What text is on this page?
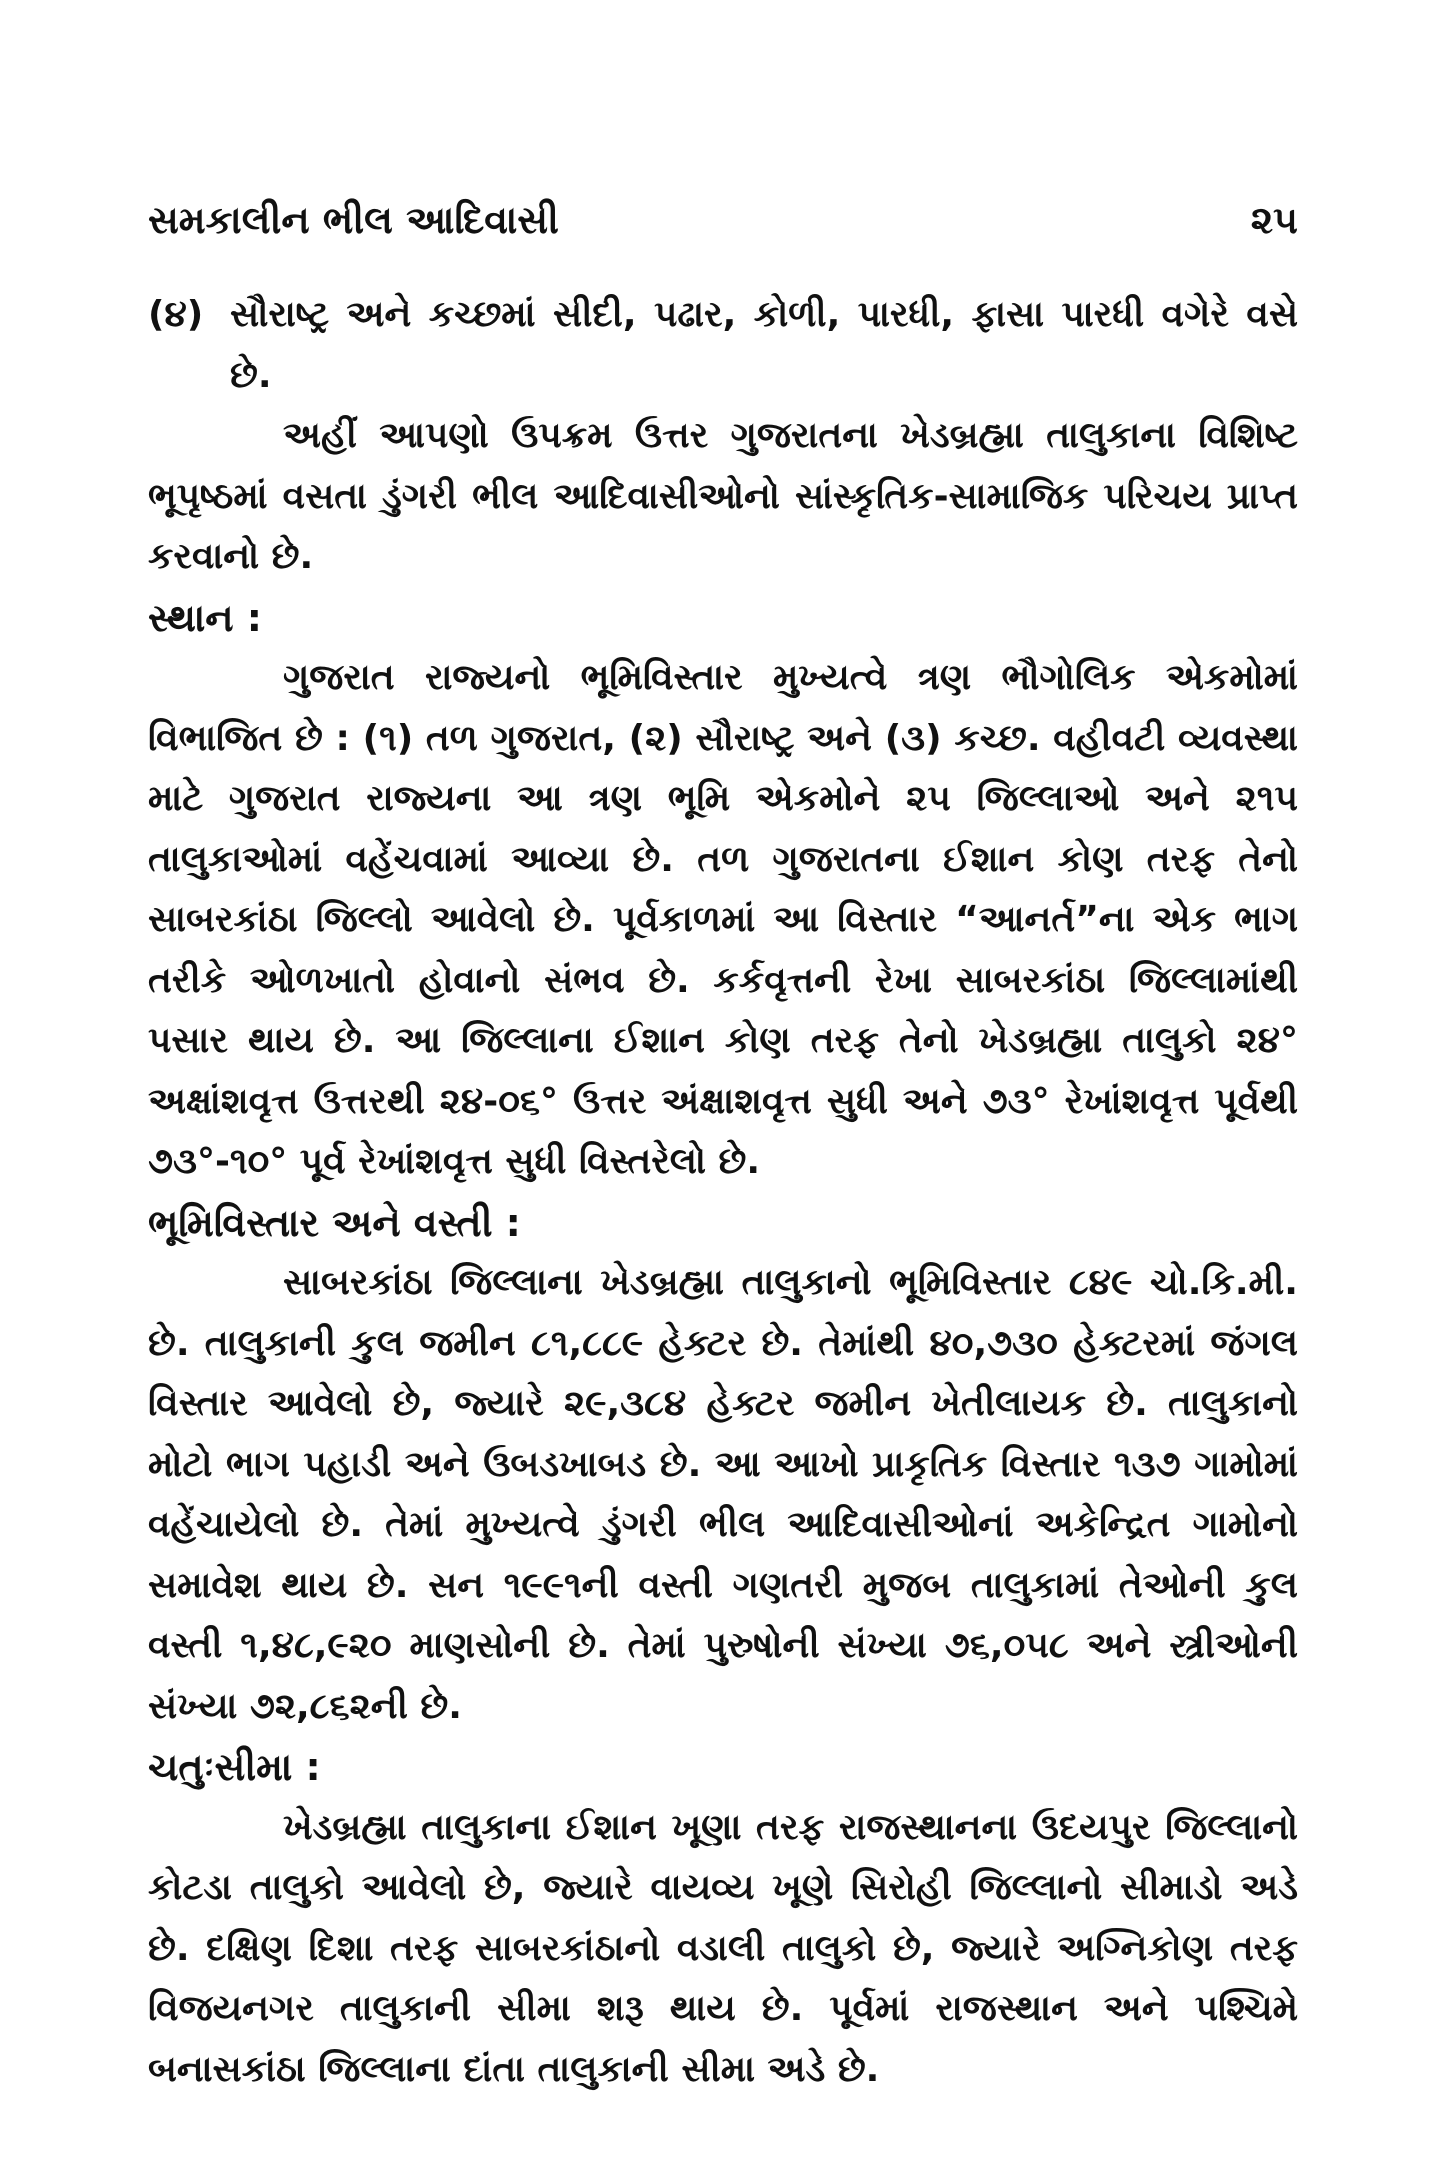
સમકાલીન ભીલ આદિવાસી	૨૫
(૪) સૌરાષ્ટ્ર અને કચ્છમાં સીદી, પઢાર, કોળી, પારધી, ફાસા પારધી વગેરે વસે છે.

અહીં આપણો ઉપક્રમ ઉત્તર ગુજરાતના ખેડબ્રહ્મા તાલુકાના વિશિષ્ટ ભૂપૃષ્ઠમાં વસતા ડુંગરી ભીલ આદિવાસીઓનો સાંસ્કૃતિક-સામાજિક પરિચય પ્રાપ્ત કરવાનો છે.

સ્થાન :

ગુજરાત રાજ્યનો ભૂમિવિસ્તાર મુખ્યત્વે ત્રણ ભૌગોલિક એકમોમાં વિભાજિત છે : (૧) તળ ગુજરાત, (૨) સૌરાષ્ટ્ર અને (૩) કચ્છ. વહીવટી વ્યવસ્થા માટે ગુજરાત રાજ્યના આ ત્રણ ભૂમિ એકમોને ૨૫ જિલ્લાઓ અને ૨૧૫ તાલુકાઓમાં વહેંચવામાં આવ્યા છે. તળ ગુજરાતના ઈશાન કોણ તરફ તેનો સાબરકાંઠા જિલ્લો આવેલો છે. પૂર્વકાળમાં આ વિસ્તાર “આનર્ત”ના એક ભાગ તરીકે ઓળખાતો હોવાનો સંભવ છે. કર્કવૃત્તની રેખા સાબરકાંઠા જિલ્લામાંથી પસાર થાય છે. આ જિલ્લાના ઈશાન કોણ તરફ તેનો ખેડબ્રહ્મા તાલુકો ૨૪° અક્ષાંશવૃત્ત ઉત્તરથી ૨૪-૦૬° ઉત્તર અંક્ષાશવૃત્ત સુધી અને ૭૩° રેખાંશવૃત્ત પૂર્વથી ૭૩°-૧૦° પૂર્વ રેખાંશવૃત્ત સુધી વિસ્તરેલો છે.

ભૂમિવિસ્તાર અને વસ્તી :

સાબરકાંઠા જિલ્લાના ખેડબ્રહ્મા તાલુકાનો ભૂમિવિસ્તાર ૮૪૯ ચો.કિ.મી. છે. તાલુકાની કુલ જમીન ૮૧,૮૮૯ હેક્ટર છે. તેમાંથી ૪૦,૭૩૦ હેક્ટરમાં જંગલ વિસ્તાર આવેલો છે, જ્યારે ૨૯,૩૮૪ હેક્ટર જમીન ખેતીલાયક છે. તાલુકાનો મોટો ભાગ પહાડી અને ઉબડખાબડ છે. આ આખો પ્રાકૃતિક વિસ્તાર ૧૩૭ ગામોમાં વહેંચાયેલો છે. તેમાં મુખ્યત્વે ડુંગરી ભીલ આદિવાસીઓનાં અકેન્દ્રિત ગામોનો સમાવેશ થાય છે. સન ૧૯૯૧ની વસ્તી ગણતરી મુજબ તાલુકામાં તેઓની કુલ વસ્તી ૧,૪૮,૯૨૦ માણસોની છે. તેમાં પુરુષોની સંખ્યા ૭૬,૦૫૮ અને સ્ત્રીઓની સંખ્યા ૭૨,૮૬૨ની છે.

ચતુઃસીમા :

ખેડબ્રહ્મા તાલુકાના ઈશાન ખૂણા તરફ રાજસ્થાનના ઉદયપુર જિલ્લાનો કોટડા તાલુકો આવેલો છે, જ્યારે વાયવ્ય ખૂણે સિરોહી જિલ્લાનો સીમાડો અડે છે. દક્ષિણ દિશા તરફ સાબરકાંઠાનો વડાલી તાલુકો છે, જ્યારે અગ્નિકોણ તરફ વિજયનગર તાલુકાની સીમા શરૂ થાય છે. પૂર્વમાં રાજસ્થાન અને પશ્ચિમે બનાસકાંઠા જિલ્લાના દાંતા તાલુકાની સીમા અડે છે.
